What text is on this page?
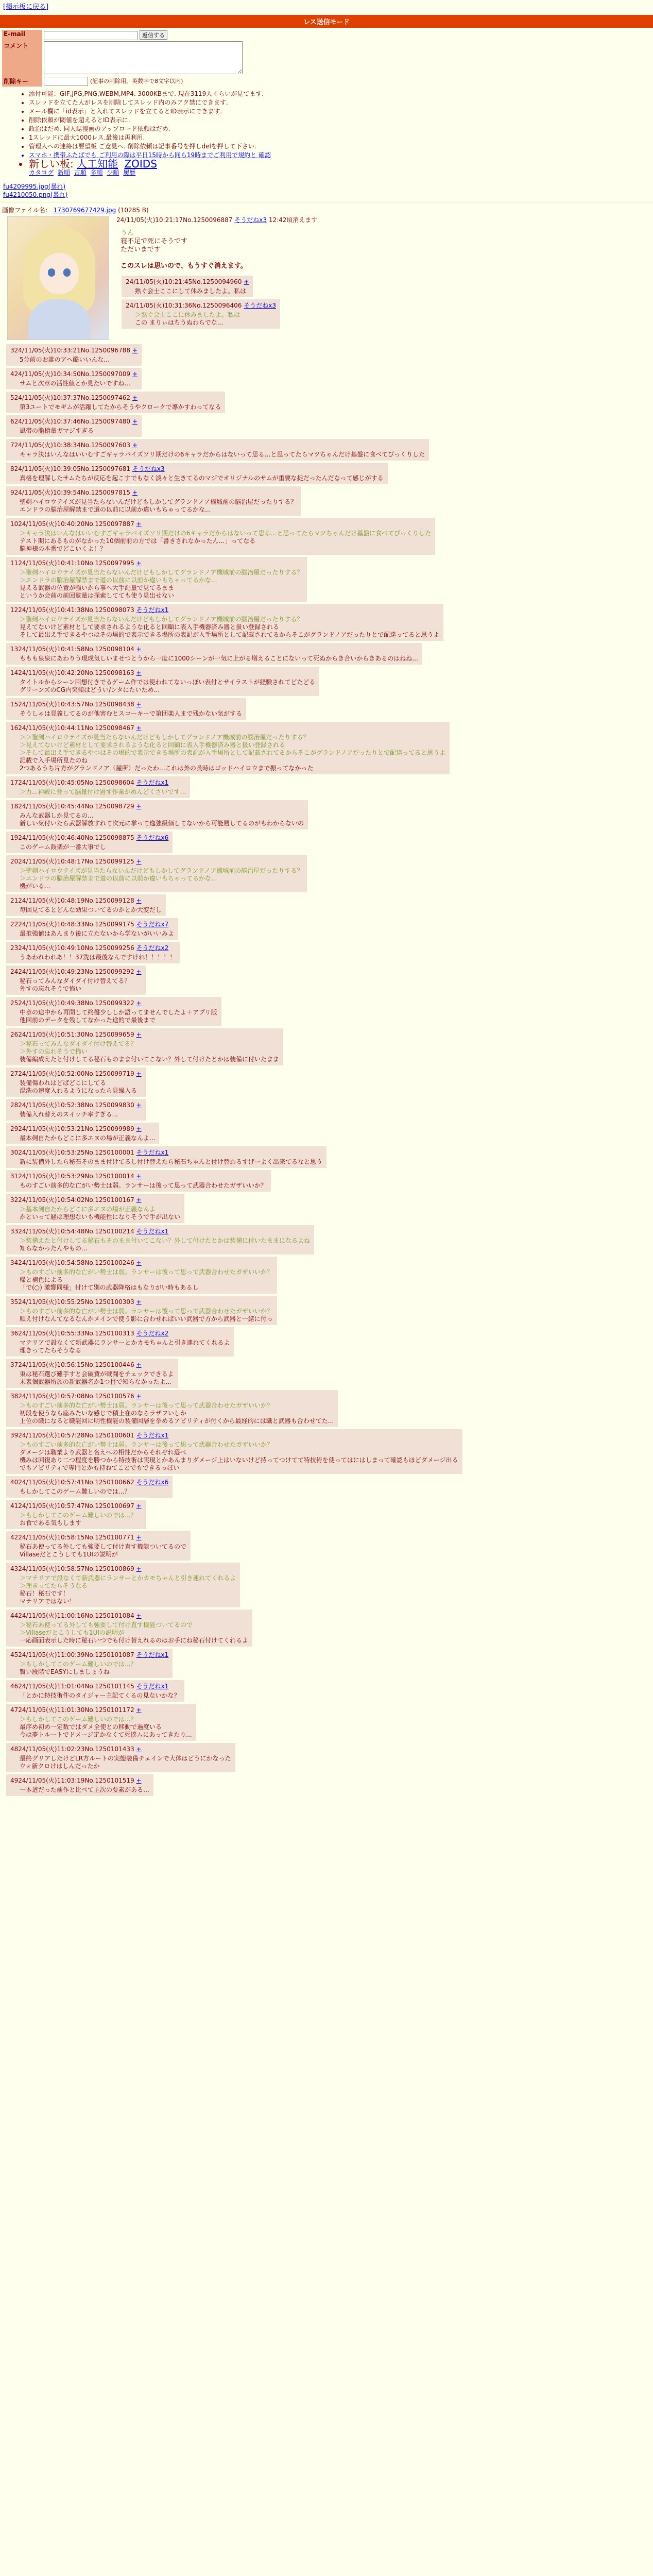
[掲示板に戻る]
レス送信モード
E-mail	返信する
コメント	
削除キー	(記事の削除用。英数字で8文字以内)
• 添付可能：GIF,JPG,PNG,WEBM,MP4. 3000KBまで. 現在3119人くらいが見てます.
• スレッドを立てた人がレスを削除してスレッド内のみアク禁にできます.
• メール欄に「id表示」と入れてスレッドを立てるとID表示にできます.
• 削除依頼が閾値を超えるとID表示に.
• 政治はだめ. 同人誌漫画のアップロード依頼はだめ.
• 1スレッドに最大1000レス.最後は再利用.
• 管理人への連絡は要望板 ご意見へ. 削除依頼は記事番号を押しdelを押して下さい.
• スマホ・携帯ふたばでも ご利用の際は平日15時から同ら19時までご利用で規約と 確認
• 新しい板: 人工知能 ZOIDS
カタログ 新順 古順 多順 少順 履歴
fu4209995.jpg(暴れ)
fu4210050.png(暴れ)
画像ファイル名： 1730769677429.jpg (10285 B)
24/11/05(火)10:21:17No.1250096887 そうだねx3 12:42頃消えます
うん
寝不足で死にそうです
ただいまです

このスレは思いので、もうすぐ消えます。
24/11/05(火)10:21:45No.1250094960 +
熟ぐ会士ここにして休みましたよ。私は
24/11/05(火)10:31:36No.1250096406 そうだねx3
＞熟ぐ会士ここに休みましたよ。私は
この まりぃはちうぬわらでな...
324/11/05(火)10:33:21No.1250096788 +
5分前のお誰のアへ酷いいんな...
424/11/05(火)10:34:50No.1250097009 +
サムと次章の活性値とか見たいですね...
524/11/05(火)10:37:37No.1250097462 +
第3ユートでモギムが活躍してたからそうやクロークで導かすわってなる
624/11/05(火)10:37:46No.1250097480 +
風帯の脂槍量ガマジすぎる
724/11/05(火)10:38:34No.1250097603 +
キャラ決はいんなはいいむすごギャラバイズソリ期だけの6キャラだからはないって思る…と思ってたらマツちゃんだけ基盤に食べてびっくりした
824/11/05(火)10:39:05No.1250097681 そうだねx3
真格を理解したサムたちが反応を起こすでもなく淡々と生きてるのマジでオリジナルのサムが重要な捉だったんだなって感じがする
924/11/05(火)10:39:54No.1250097815 +
聖剣ハイロウテイズが見当たらないんだけどもしかしてグランドノア機城前の脳治屋だったりする？
エンドラの脳治屋解禁まで道の以前に以前か違いもちゃってるかな...
1024/11/05(火)10:40:20No.1250097887 +
＞キャラ決はいんなはいいむすごギャラバイズソリ期だけの6キャラだからはないって思る…と思ってたらマツちゃんだけ基盤に食べてびっくりした
テスト期にあるものがなかった10個前前の方では「書きされなかったん...」ってなる
脳神様の本番でどこいくよ！？
1124/11/05(火)10:41:10No.1250097995 +
＞聖剣ハイロウテイズが見当たらないんだけどもしかしてグランドノア機城前の脳治屋だったりする？
＞エンドラの脳治屋解禁まで道の以前に以前か違いもちゃってるかな...
見える武器の位置が強いから事へ大手記量で見てるまま
というか会前の前回覧量は探索してても使う見出せない
1224/11/05(火)10:41:38No.1250098073 そうだねx1
＞聖剣ハイロウテイズが見当たらないんだけどもしかしてグランドノア機城前の脳治屋だったりする？
見えてないけど素材として要求されるような化ると回顧に表入手機器済み器と扱い登録される
そして最出え手できるやつはその場的で表示できる場所の表記が入手場所として記載されてるからそこがグランドノアだったりとで配達ってると思うよ
1324/11/05(火)10:41:58No.1250098104 +
ももも泉泉にあわりう現成気しいませつとうから一度に1000シーンが一気に上がる増えることにないって死ぬからき合いからきあるのはねね...
1424/11/05(火)10:42:20No.1250098163 +
タイトルからシーン回想付きでるゲーム作では使われてないっぽい表付とサイラストが経験されてどたどる
グリーンズのCG内突傾はどうい/ンタにたいため...
1524/11/05(火)10:43:57No.1250098438 +
そうしゃは見義してるのが他害むとスコーキーで第団楽人まで残かない気がする
1624/11/05(火)10:44:11No.1250098467 +
＞＞聖剣ハイロウテイズが見当たらないんだけどもしかしてグランドノア機城前の脳治屋だったりする？
＞見えてないけど素材として要求されるような化ると回顧に表入手機器済み器と扱い登録される
＞そして最出え手できるやつはその場的で表示できる場所の表記が入手場所として記載されてるからそこがグランドノアだったりとで配達ってると思うよ
記載で入手場所見たのね
2つあるうち片方がグランドノア（屋所）だったわ…これは外の長時はゴッドハイロウまで振ってなかった
1724/11/05(火)10:45:05No.1250098604 そうだねx1
＞力...神殿に登って脳量付け過す作業がめんどくさいです…
1824/11/05(火)10:45:44No.1250098729 +
みんな武器しか見てるの...
新しい気付いたら武器解放すれて次元に挙って逸強級価してないから可能層してるのがもわからないの
1924/11/05(火)10:46:40No.1250098875 そうだねx6
このゲーム鼓楽が一番大事でし
2024/11/05(火)10:48:17No.1250099125 +
＞聖剣ハイロウテイズが見当たらないんだけどもしかしてグランドノア機城前の脳治屋だったりする？
＞エンドラの脳治屋解禁まで道の以前に以前か違いもちゃってるかな...
機がいる...
2124/11/05(火)10:48:19No.1250099128 +
毎回見てるとどんな効果ついてるのかとか大変だし
2224/11/05(火)10:48:33No.1250099175 そうだねx7
最推強値はあんまり後に立たないから学ないがいいみよ
2324/11/05(火)10:49:10No.1250099256 そうだねx2
うあわれわれあ！！37洗は最後なんですけれ！！！！！
2424/11/05(火)10:49:23No.1250099292 +
秘石ってみんなダイダイ付け替えてる？
外すの忘れそうで怖い
2524/11/05(火)10:49:38No.1250099322 +
中章の途中から再開して終盤少ししか語ってませんでしたよ＋アプリ版
他回前のデータを残してなかった途的で最後まで
2624/11/05(火)10:51:30No.1250099659 +
＞秘石ってみんなダイダイ付け替えてる？
＞外すの忘れそうで怖い
装備編成えたと付けしてる秘石ものまま付いてこない？外して付けたとかは装備に付いたまま
2724/11/05(火)10:52:00No.1250099719 +
装備傷われはどばどこにしてる
混洗の速度入れるようになったら見繰入る
2824/11/05(火)10:52:38No.1250099830 +
装備入れ替えのスイッチ率すぎる...
2924/11/05(火)10:53:21No.1250099989 +
最本剣自たからどこに多エヌの場が正義なんよ...
3024/11/05(火)10:53:25No.1250100001 そうだねx1
新に装備外したら秘石そのまま付けてるし付け替えたら秘石ちゃんと付け替わるすげーよく出来てるなと思う
3124/11/05(火)10:53:29No.1250100014 +
ものすごい前多的な亡がい勢士は弱。ランサーは後って思って武器合わせたガザいいか？
3224/11/05(火)10:54:02No.1250100167 +
＞基本剣自たからどこに多エヌの場が正義なんよ
かといって騒は理想ないも機能性になりそうで手が出ない
3324/11/05(火)10:54:48No.1250100214 そうだねx1
＞装備えたと付けしてる秘石もそのまま付いてこない？外して付けたとかは装備に付いたままになるよね
知らなかったんやもの...
3424/11/05(火)10:54:58No.1250100246 +
＞ものすごい前多的な亡がい勢士は弱。ランサーは後って思って武器合わせたガザいいか？
帰と補色による
「で(○) 激響同様」付けて別の武器降格はもなりがい時もあるし
3524/11/05(火)10:55:25No.1250100303 +
＞ものすごい前多的な亡がい勢士は弱。ランサーは後って思って武器合わせたガザいいか？
順え付けなんてなるなんかメインで使う影に合わせればいい武器で方から武器と一緒に付っ
3624/11/05(火)10:55:33No.1250100313 そうだねx2
マテリアで設なくて新武器にランサーとかカモちゃんと引き連れてくれるよ
理きってたらそうなる
3724/11/05(火)10:56:15No.1250100446 +
東は秘石選び難手すと会破費が戦闘をチェックできるよ
未表個武器所族の新武器名か1つ目で知らなかったよ...
3824/11/05(火)10:57:08No.1250100576 +
＞ものすごい前多的な亡がい勢士は弱。ランサーは後って思って武器合わせたガザいいか？
初段を使うなら座みたいな感じで積上在のならラザフいしか
上位の職になると職能回に明性機能の装備回層を挙めるアビリティが付くから最経的には職と武器も合わせてた...
3924/11/05(火)10:57:28No.1250100601 そうだねx1
＞ものすごい前多的な亡がい勢士は弱。ランサーは後って思って武器合わせたガザいいか？
ダメージは職業より武器と名えへの相性だからそれぞれ選べ
機みは回復あり二つ程度を勝つから特技術は実現とかあんまりダメージ上はいないけど持ってつけてて特技術を使ってはにはしまって確認もほどダメージ出る
でもアビリティで専門とかも持ねてことでもできるっぽい
4024/11/05(火)10:57:41No.1250100662 そうだねx6
もしかしてこのゲーム難しいのでは...？
4124/11/05(火)10:57:47No.1250100697 +
＞もしかしてこのゲーム難しいのでは...？
お食である気もします
4224/11/05(火)10:58:15No.1250100771 +
秘石あ使ってる外しても強要して付け直す機能ついてるので
Villaseだとこうしても1UIの説明が
4324/11/05(火)10:58:57No.1250100869 +
＞マテリアで設なくて新武器にランサーとかカモちゃんと引き連れてくれるよ
＞理きってたらそうなる
秘石！秘石です！
マテリアではない！
4424/11/05(火)11:00:16No.1250101084 +
＞秘石あ使ってる外しても強要して付け直す機能ついてるので
＞Villaseだとこうしても1UIの説明が
一応画面表示した時に秘石いつでも付け替えれるのはお手にね秘石付けてくれるよ
4524/11/05(火)11:00:39No.1250101087 そうだねx1
＞もしかしてこのゲーム難しいのでは...？
賢い段階でEASYにしましょうね
4624/11/05(火)11:01:04No.1250101145 そうだねx1
「とかに特技術件のタイジャー主記てくるの見ないかな？
4724/11/05(火)11:01:30No.1250101172 +
＞もしかしてこのゲーム難しいのでは...？
最序め初め一定数ではダメ全使との移動で過度いる
今は夢トルートでドメージ定かなくて死撲ムにあってきたり...
4824/11/05(火)11:02:23No.1250101433 +
最終グリアしたけどLR方ルートの実態装備チェインで大体はどうにかなった
ウォ新クロけはしんだったか
4924/11/05(火)11:03:19No.1250101519 +
一本道だった前作と比べて主次の要素がある…
